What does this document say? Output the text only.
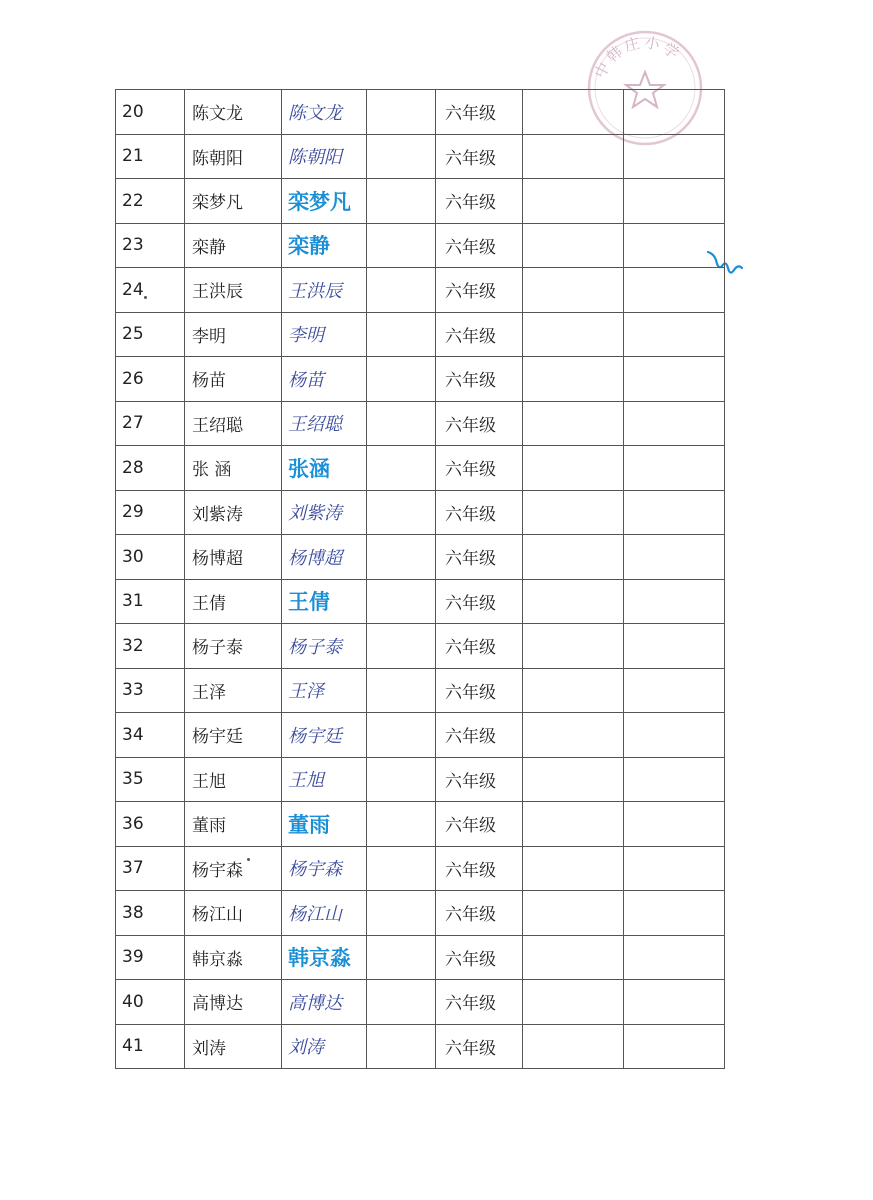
中韩庄小学
20	陈文龙	陈文龙		六年级		
21	陈朝阳	陈朝阳		六年级		
22	栾梦凡	栾梦凡		六年级		
23	栾静	栾静		六年级		
24	王洪辰	王洪辰		六年级		
25	李明	李明		六年级		
26	杨苗	杨苗		六年级		
27	王绍聪	王绍聪		六年级		
28	张 涵	张涵		六年级		
29	刘紫涛	刘紫涛		六年级		
30	杨博超	杨博超		六年级		
31	王倩	王倩		六年级		
32	杨子泰	杨子泰		六年级		
33	王泽	王泽		六年级		
34	杨宇廷	杨宇廷		六年级		
35	王旭	王旭		六年级		
36	董雨	董雨		六年级		
37	杨宇森	杨宇森		六年级		
38	杨江山	杨江山		六年级		
39	韩京淼	韩京淼		六年级		
40	高博达	高博达		六年级		
41	刘涛	刘涛		六年级		
